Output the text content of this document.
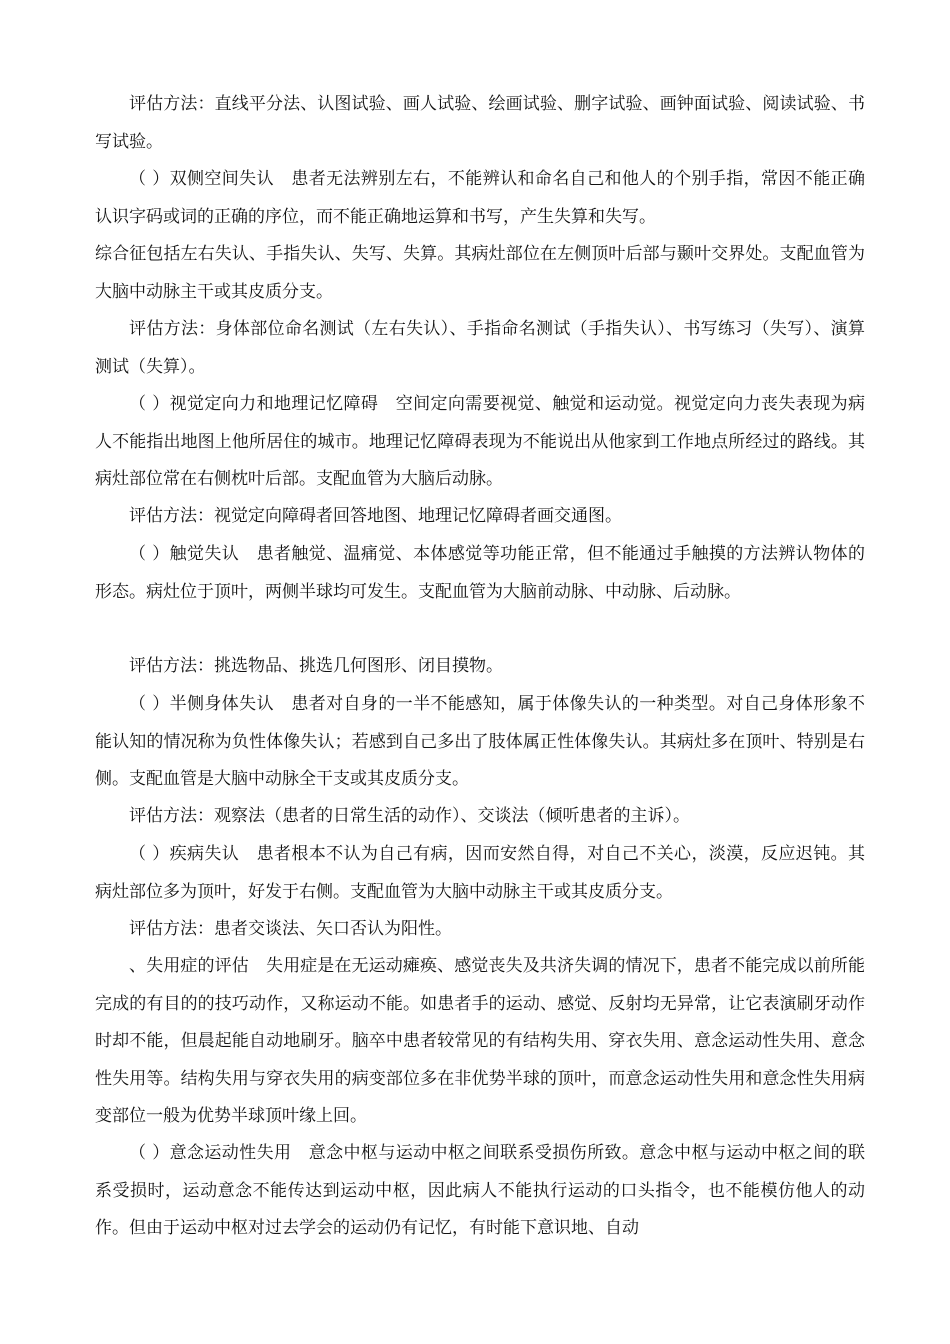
评估方法：直线平分法、认图试验、画人试验、绘画试验、删字试验、画钟面试验、阅读试验、书写试验。

（ ）双侧空间失认　患者无法辨别左右，不能辨认和命名自己和他人的个别手指，常因不能正确认识字码或词的正确的序位，而不能正确地运算和书写，产生失算和失写。

综合征包括左右失认、手指失认、失写、失算。其病灶部位在左侧顶叶后部与颞叶交界处。支配血管为大脑中动脉主干或其皮质分支。

评估方法：身体部位命名测试（左右失认）、手指命名测试（手指失认）、书写练习（失写）、演算测试（失算）。

（ ）视觉定向力和地理记忆障碍　空间定向需要视觉、触觉和运动觉。视觉定向力丧失表现为病人不能指出地图上他所居住的城市。地理记忆障碍表现为不能说出从他家到工作地点所经过的路线。其病灶部位常在右侧枕叶后部。支配血管为大脑后动脉。

评估方法：视觉定向障碍者回答地图、地理记忆障碍者画交通图。

（ ）触觉失认　患者触觉、温痛觉、本体感觉等功能正常，但不能通过手触摸的方法辨认物体的形态。病灶位于顶叶，两侧半球均可发生。支配血管为大脑前动脉、中动脉、后动脉。

评估方法：挑选物品、挑选几何图形、闭目摸物。

（ ）半侧身体失认　患者对自身的一半不能感知，属于体像失认的一种类型。对自己身体形象不能认知的情况称为负性体像失认；若感到自己多出了肢体属正性体像失认。其病灶多在顶叶、特别是右侧。支配血管是大脑中动脉全干支或其皮质分支。

评估方法：观察法（患者的日常生活的动作）、交谈法（倾听患者的主诉）。

（ ）疾病失认　患者根本不认为自己有病，因而安然自得，对自己不关心，淡漠，反应迟钝。其病灶部位多为顶叶，好发于右侧。支配血管为大脑中动脉主干或其皮质分支。

评估方法：患者交谈法、矢口否认为阳性。

、失用症的评估　失用症是在无运动瘫痪、感觉丧失及共济失调的情况下，患者不能完成以前所能完成的有目的的技巧动作，又称运动不能。如患者手的运动、感觉、反射均无异常，让它表演刷牙动作时却不能，但晨起能自动地刷牙。脑卒中患者较常见的有结构失用、穿衣失用、意念运动性失用、意念性失用等。结构失用与穿衣失用的病变部位多在非优势半球的顶叶，而意念运动性失用和意念性失用病变部位一般为优势半球顶叶缘上回。

（ ）意念运动性失用　意念中枢与运动中枢之间联系受损伤所致。意念中枢与运动中枢之间的联系受损时，运动意念不能传达到运动中枢，因此病人不能执行运动的口头指令，也不能模仿他人的动作。但由于运动中枢对过去学会的运动仍有记忆，有时能下意识地、自动
